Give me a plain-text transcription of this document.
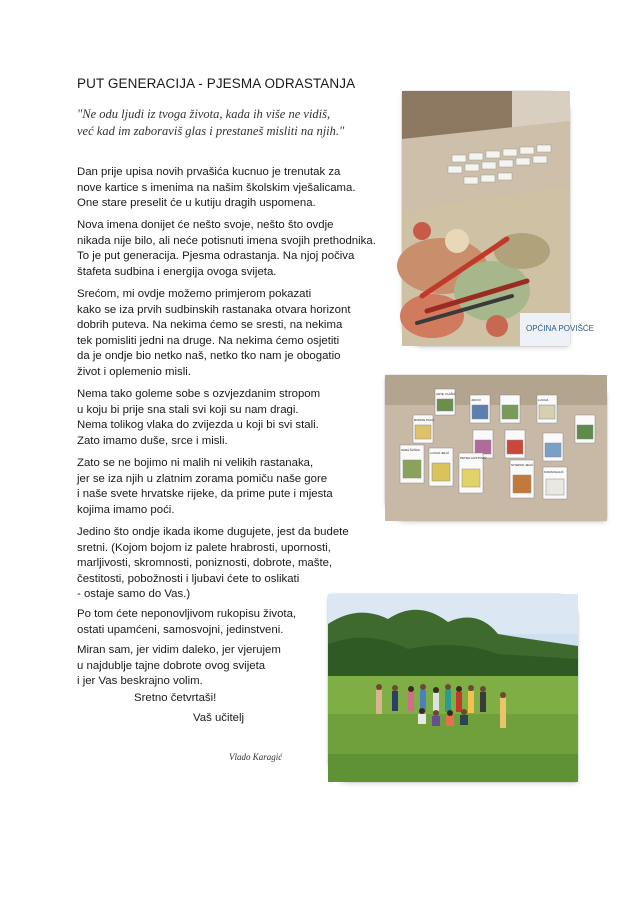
PUT GENERACIJA - PJESMA ODRASTANJA
"Ne odu ljudi iz tvoga života, kada ih više ne vidiš,
već kad im zaboraviš glas i prestaneš misliti na njih."
Dan prije upisa novih prvašića kucnuo je trenutak za
nove kartice s imenima na našim školskim vješalicama.
One stare preselit će u kutiju dragih uspomena.
Nova imena donijet će nešto svoje, nešto što ovdje
nikada nije bilo, ali neće potisnuti imena svojih prethodnika.
To je put generacija. Pjesma odrastanja. Na njoj počiva
štafeta sudbina i energija ovoga svijeta.
Srećom, mi ovdje možemo primjerom pokazati
kako se iza prvih sudbinskih rastanaka otvara horizont
dobrih puteva. Na nekima ćemo se sresti, na nekima
tek pomisliti jedni na druge. Na nekima ćemo osjetiti
da je ondje bio netko naš, netko tko nam je obogatio
život i oplemenio misli.
Nema tako goleme sobe s ozvjezdanim stropom
u koju bi prije sna stali svi koji su nam dragi.
Nema tolikog vlaka do zvijezda u koji bi svi stali.
Zato imamo duše, srce i misli.
Zato se ne bojimo ni malih ni velikih rastanaka,
jer se iza njih u zlatnim zorama pomiču naše gore
i naše svete hrvatske rijeke, da prime pute i mjesta
kojima imamo poći.
Jedino što ondje ikada ikome dugujete, jest da budete
sretni. (Kojom bojom iz palete hrabrosti, upornosti,
marljivosti, skromnosti, poniznosti, dobrote, mašte,
čestitosti, pobožnosti i ljubavi ćete to oslikati
- ostaje samo do Vas.)
Po tom ćete neponovljivom rukopisu života,
ostati upamćeni, samosvojni, jedinstveni.
Miran sam, jer vidim daleko, jer vjerujem
u najdublje tajne dobrote ovog svijeta
i jer Vas beskrajno volim.
Sretno četvrtaši!
Vaš učitelj
Vlado Karagić
OPĆINA POVIŠĆE
ANTE VLAŠIĆ
JAKOV
ROMAN PALIĆ
LUCIJA
SARA ŠUŠAK
LUCIJA JELIĆ
PETRA GOSTOVIĆ
STJEPAN JELIĆ
KORANGALIĆ
